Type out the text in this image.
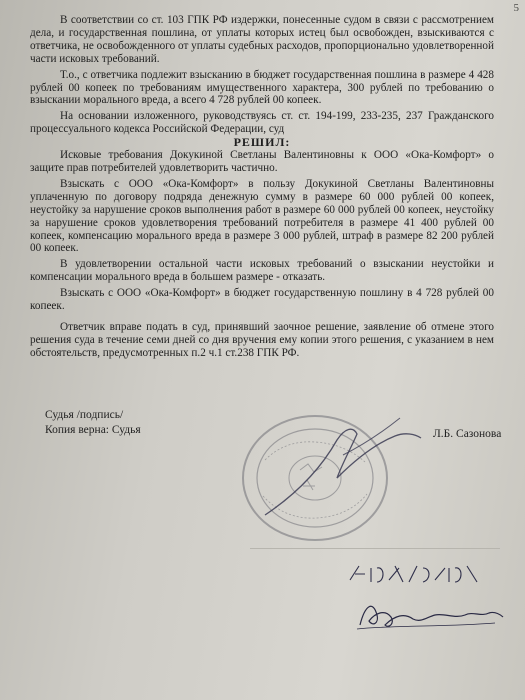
5

В соответствии со ст. 103 ГПК РФ издержки, понесенные судом в связи с рассмотрением дела, и государственная пошлина, от уплаты которых истец был освобожден, взыскиваются с ответчика, не освобожденного от уплаты судебных расходов, пропорционально удовлетворенной части исковых требований.

Т.о., с ответчика подлежит взысканию в бюджет государственная пошлина в размере 4 428 рублей 00 копеек по требованиям имущественного характера, 300 рублей по требованию о взыскании морального вреда, а всего 4 728 рублей 00 копеек.

На основании изложенного, руководствуясь ст. ст. 194-199, 233-235, 237 Гражданского процессуального кодекса Российской Федерации, суд

РЕШИЛ:

Исковые требования Докукиной Светланы Валентиновны к ООО «Ока-Комфорт» о защите прав потребителей удовлетворить частично.

Взыскать с ООО «Ока-Комфорт» в пользу Докукиной Светланы Валентиновны уплаченную по договору подряда денежную сумму в размере 60 000 рублей 00 копеек, неустойку за нарушение сроков выполнения работ в размере 60 000 рублей 00 копеек, неустойку за нарушение сроков удовлетворения требований потребителя в размере 41 400 рублей 00 копеек, компенсацию морального вреда в размере 3 000 рублей, штраф в размере 82 200 рублей 00 копеек.

В удовлетворении остальной части исковых требований о взыскании неустойки и компенсации морального вреда в большем размере - отказать.

Взыскать с ООО «Ока-Комфорт» в бюджет государственную пошлину в 4 728 рублей 00 копеек.

Ответчик вправе подать в суд, принявший заочное решение, заявление об отмене этого решения суда в течение семи дней со дня вручения ему копии этого решения, с указанием в нем обстоятельств, предусмотренных п.2 ч.1 ст.238 ГПК РФ.

Судья /подпись/
Копия верна: Судья	Л.Б. Сазонова
